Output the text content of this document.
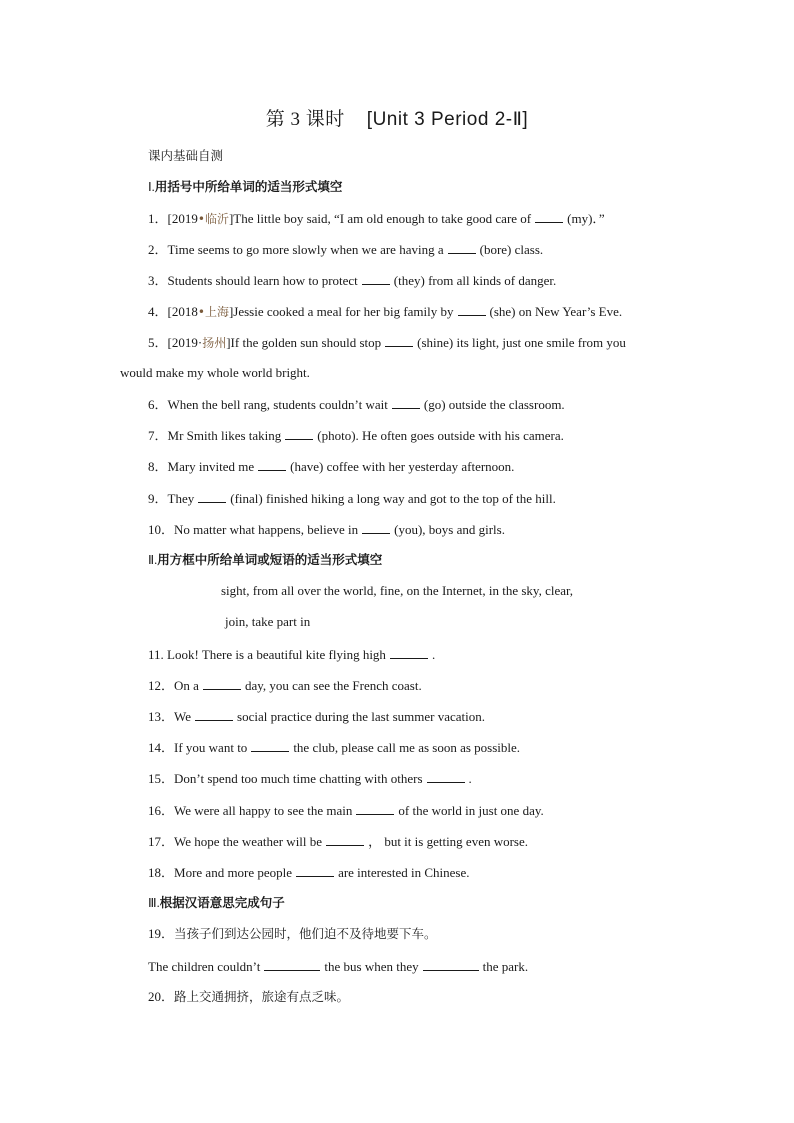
第 3 课时 [Unit 3 Period 2-Ⅱ]
课内基础自测
Ⅰ.用括号中所给单词的适当形式填空
1．[2019•临沂]The little boy said, “I am old enough to take good care of	(my)．”
2．Time seems to go more slowly when we are having a	(bore) class.
3．Students should learn how to protect	(they) from all kinds of danger.
4．[2018•上海]Jessie cooked a meal for her big family by	(she) on New Year’s Eve.
5．[2019·扬州]If the golden sun should stop	(shine) its light, just one smile from you
would make my whole world bright.
6．When the bell rang, students couldn’t wait	(go) outside the classroom.
7．Mr Smith likes taking	(photo). He often goes outside with his camera.
8．Mary invited me	(have) coffee with her yesterday afternoon.
9．They	(final) finished hiking a long way and got to the top of the hill.
10．No matter what happens, believe in	(you), boys and girls.
Ⅱ.用方框中所给单词或短语的适当形式填空
sight, from all over the world, fine, on the Internet, in the sky, clear,
join, take part in
11. Look! There is a beautiful kite flying high	.
12．On a	day, you can see the French coast.
13．We	social practice during the last summer vacation.
14．If you want to	the club, please call me as soon as possible.
15．Don’t spend too much time chatting with others	.
16．We were all happy to see the main	of the world in just one day.
17．We hope the weather will be	， but it is getting even worse.
18．More and more people	are interested in Chinese.
Ⅲ.根据汉语意思完成句子
19．当孩子们到达公园时，他们迫不及待地要下车。
The children couldn’t	the bus when they	the park.
20．路上交通拥挤，旅途有点乏味。
